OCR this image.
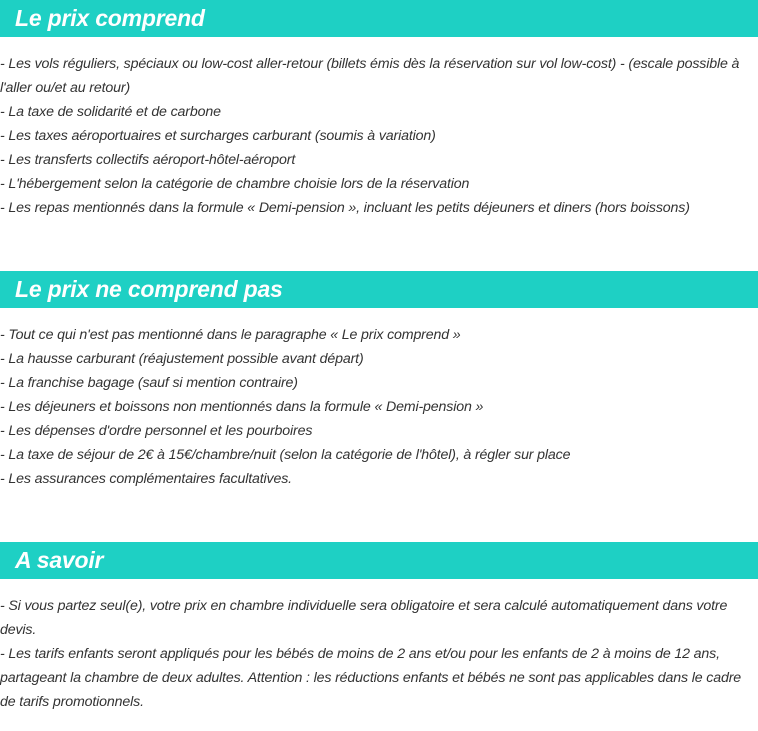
Le prix comprend
- Les vols réguliers, spéciaux ou low-cost aller-retour (billets émis dès la réservation sur vol low-cost) - (escale possible à l'aller ou/et au retour)
- La taxe de solidarité et de carbone
- Les taxes aéroportuaires et surcharges carburant (soumis à variation)
- Les transferts collectifs aéroport-hôtel-aéroport
- L'hébergement selon la catégorie de chambre choisie lors de la réservation
- Les repas mentionnés dans la formule « Demi-pension », incluant les petits déjeuners et diners (hors boissons)
Le prix ne comprend pas
- Tout ce qui n'est pas mentionné dans le paragraphe « Le prix comprend »
- La hausse carburant (réajustement possible avant départ)
- La franchise bagage (sauf si mention contraire)
- Les déjeuners et boissons non mentionnés dans la formule « Demi-pension »
- Les dépenses d'ordre personnel et les pourboires
- La taxe de séjour de 2€ à 15€/chambre/nuit (selon la catégorie de l'hôtel), à régler sur place
- Les assurances complémentaires facultatives.
A savoir
- Si vous partez seul(e), votre prix en chambre individuelle sera obligatoire et sera calculé automatiquement dans votre devis.
- Les tarifs enfants seront appliqués pour les bébés de moins de 2 ans et/ou pour les enfants de 2 à moins de 12 ans, partageant la chambre de deux adultes. Attention : les réductions enfants et bébés ne sont pas applicables dans le cadre de tarifs promotionnels.
